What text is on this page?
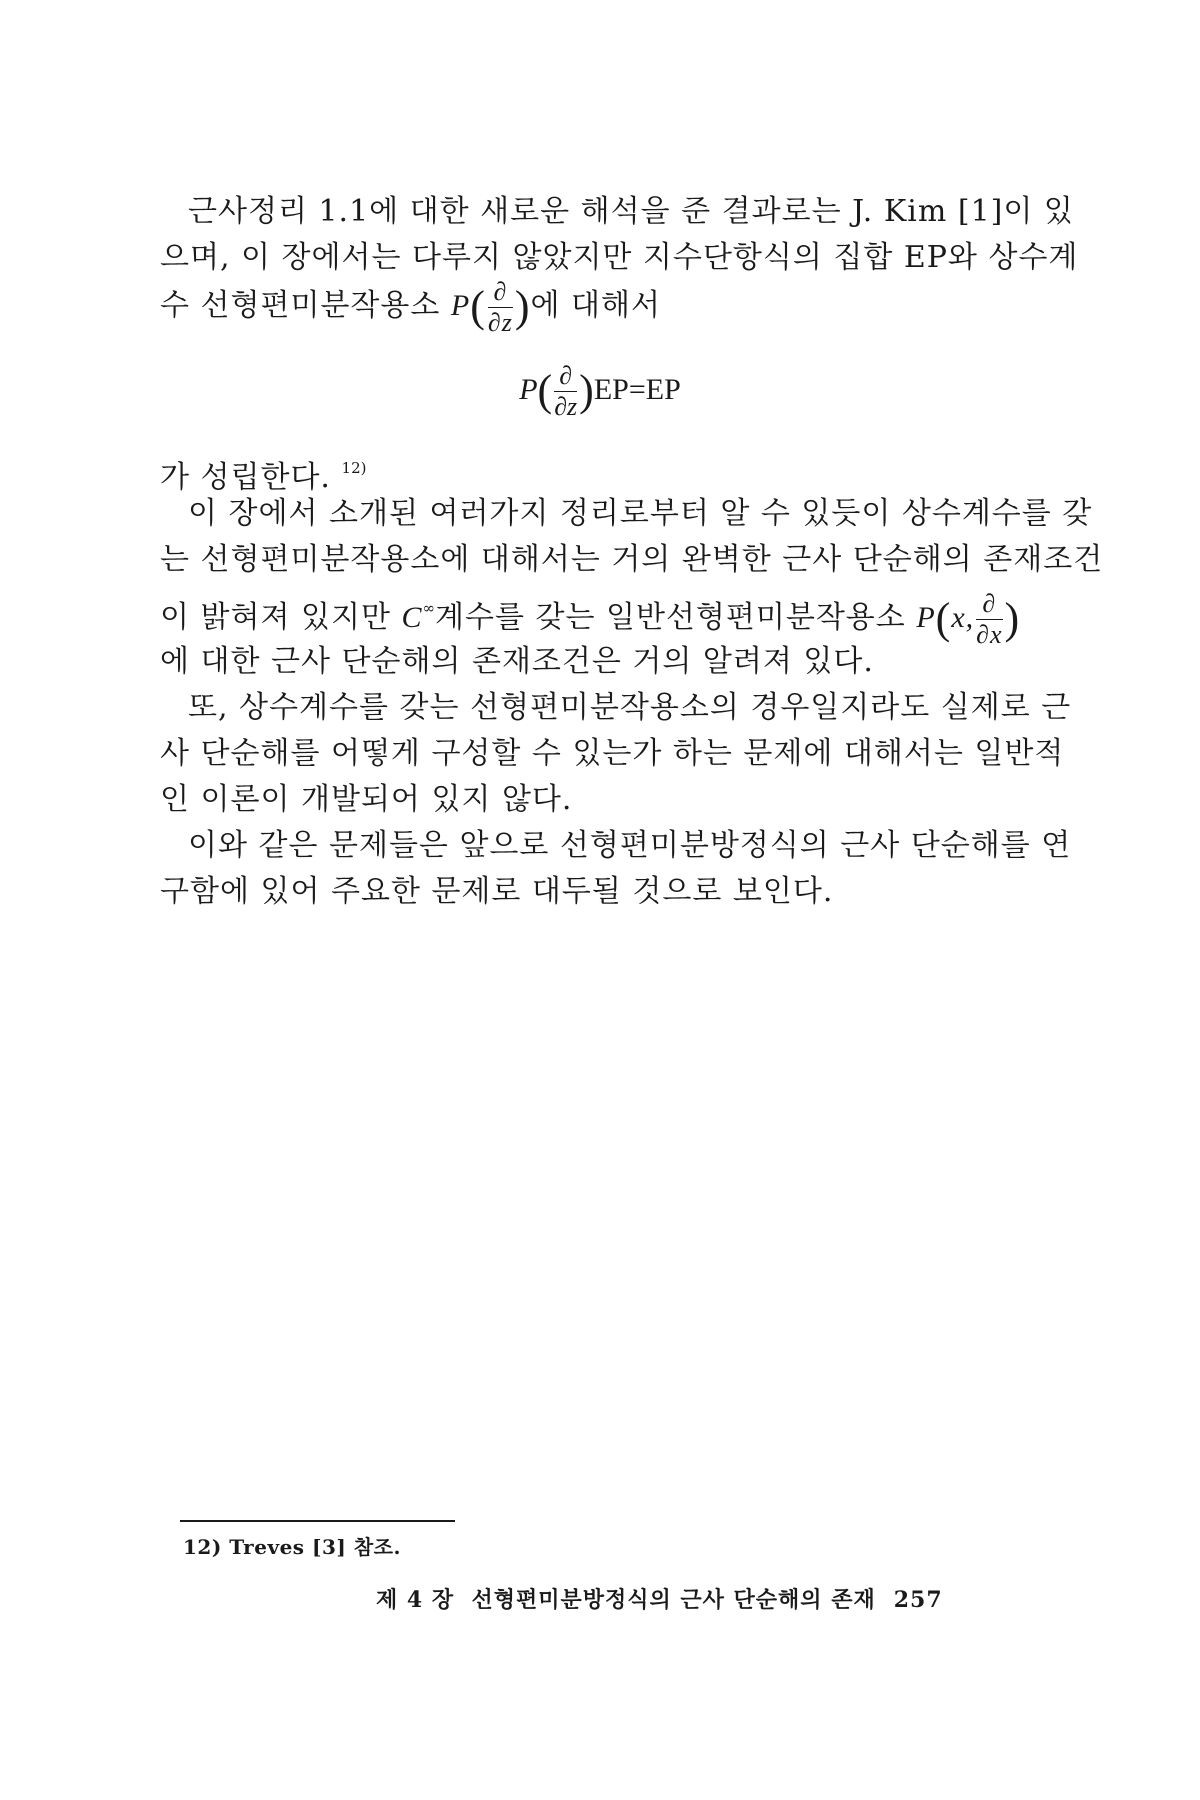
근사정리 1.1에 대한 새로운 해석을 준 결과로는 J. Kim [1]이 있
으며, 이 장에서는 다루지 않았지만 지수단항식의 집합 EP와 상수계
수 선형편미분작용소 $P( \frac{\partial}{\partial z}$ )에 대해서
$P( \frac{\partial}{\partial z} )EP=EP$
가 성립한다. $^{12)}$
이 장에서 소개된 여러가지 정리로부터 알 수 있듯이 상수계수를 갖
는 선형편미분작용소에 대해서는 거의 완벽한 근사 단순해의 존재조건
이 밝혀져 있지만 C∞계수를 갖는 일반선형편미분작용소 P(x, $\frac{\partial}{\partial x}$ )
에 대한 근사 단순해의 존재조건은 거의 알려져 있다.
또, 상수계수를 갖는 선형편미분작용소의 경우일지라도 실제로 근
사 단순해를 어떻게 구성할 수 있는가 하는 문제에 대해서는 일반적
인 이론이 개발되어 있지 않다.
이와 같은 문제들은 앞으로 선형편미분방정식의 근사 단순해를 연
구함에 있어 주요한 문제로 대두될 것으로 보인다.
12) Treves [3] 참조.
제 4 장  선형편미분방정식의 근사 단순해의 존재 257
